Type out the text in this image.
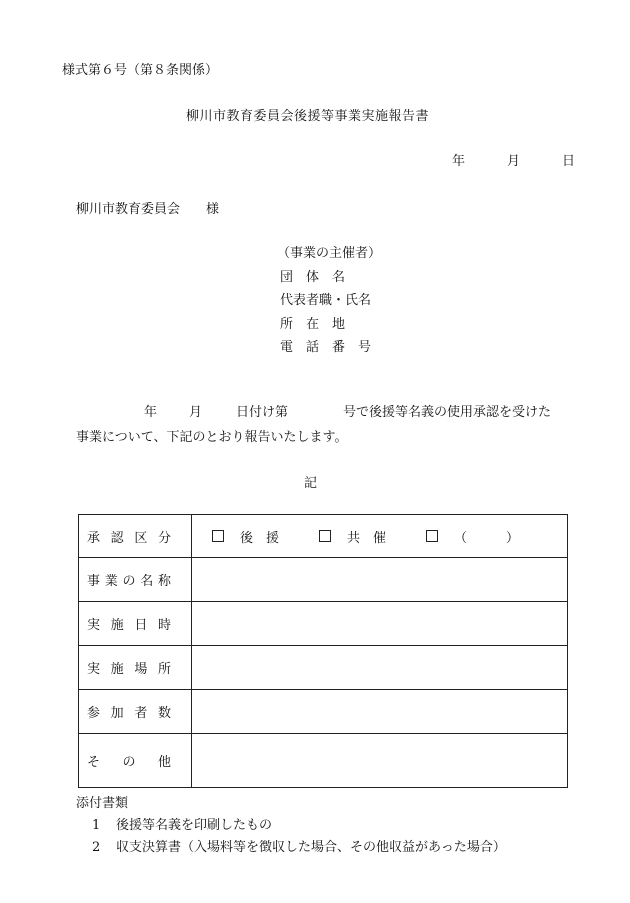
様式第６号（第８条関係）
柳川市教育委員会後援等事業実施報告書
年	月	日
柳川市教育委員会 様
（事業の主催者）
団　体　名
代表者職・氏名
所　在　地
電　話　番　号
年 月	日付け第	号で後援等名義の使用承認を受けた
事業について、下記のとおり報告いたします。
記
承 認 区 分	後　援 共　催 （　　　）

事 業 の 名 称	

実 施 日 時	

実 施 場 所	

参 加 者 数	

そ の 他	

添付書類
1 後援等名義を印刷したもの
2 収支決算書（入場料等を徴収した場合、その他収益があった場合）
